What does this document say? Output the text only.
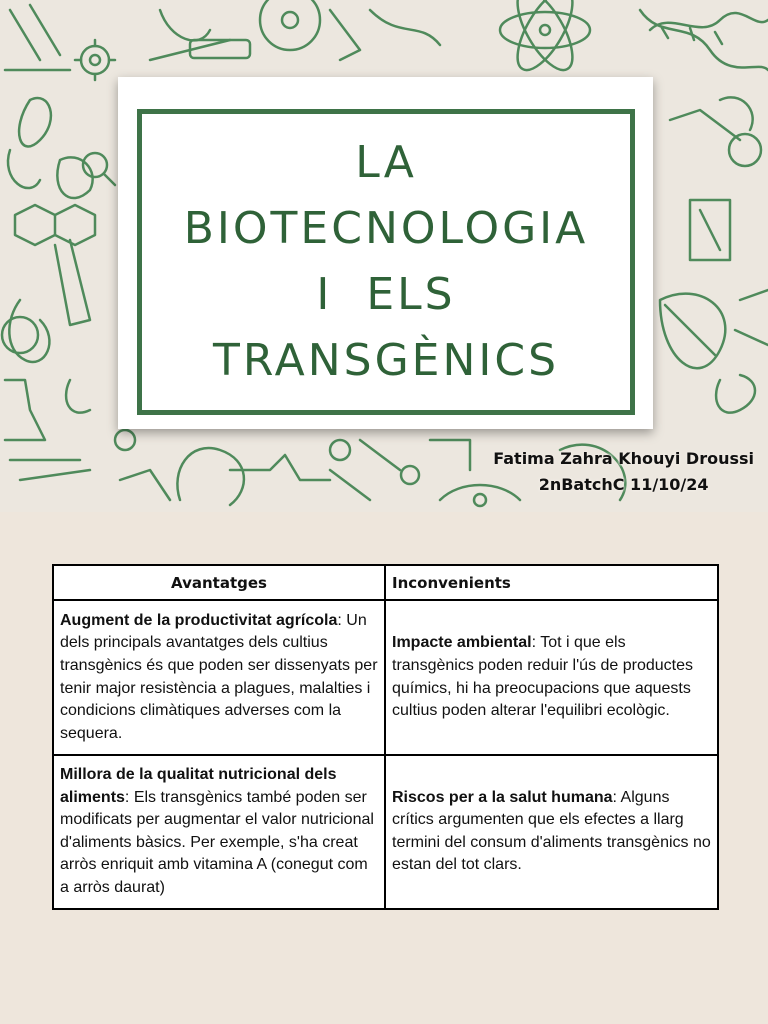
LA
BIOTECNOLOGIA
I  ELS
TRANSGÈNICS
Fatima Zahra Khouyi Droussi
2nBatchC 11/10/24
Avantatges	Inconvenients
Augment de la productivitat agrícola: Un dels principals avantatges dels cultius transgènics és que poden ser dissenyats per tenir major resistència a plagues, malalties i condicions climàtiques adverses com la sequera.	Impacte ambiental: Tot i que els transgènics poden reduir l'ús de productes químics, hi ha preocupacions que aquests cultius poden alterar l'equilibri ecològic.
Millora de la qualitat nutricional dels aliments: Els transgènics també poden ser modificats per augmentar el valor nutricional d'aliments bàsics. Per exemple, s'ha creat arròs enriquit amb vitamina A (conegut com a arròs daurat)	Riscos per a la salut humana: Alguns crítics argumenten que els efectes a llarg termini del consum d'aliments transgènics no estan del tot clars.
